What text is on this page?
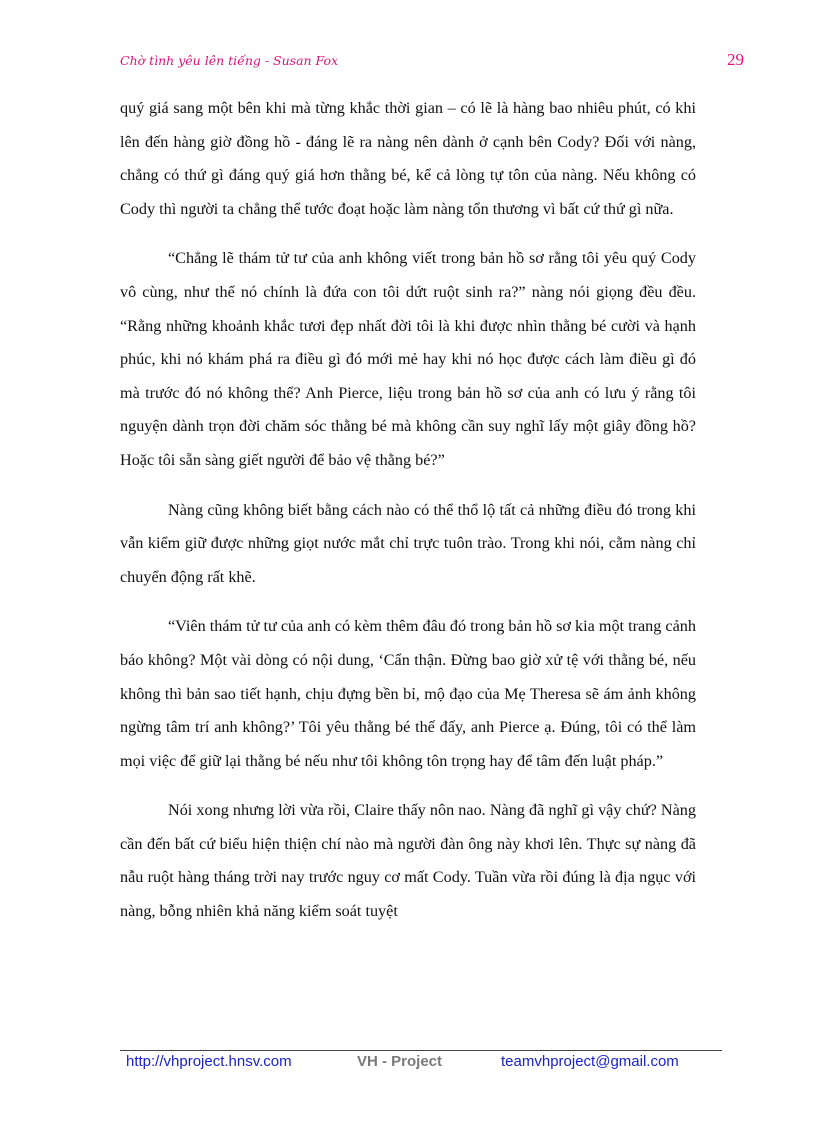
Chờ tình yêu lên tiếng - Susan Fox	29

quý giá sang một bên khi mà từng khắc thời gian – có lẽ là hàng bao nhiêu phút, có khi lên đến hàng giờ đồng hồ - đáng lẽ ra nàng nên dành ở cạnh bên Cody? Đối với nàng, chẳng có thứ gì đáng quý giá hơn thằng bé, kể cả lòng tự tôn của nàng. Nếu không có Cody thì người ta chẳng thể tước đoạt hoặc làm nàng tổn thương vì bất cứ thứ gì nữa.

“Chẳng lẽ thám tử tư của anh không viết trong bản hồ sơ rằng tôi yêu quý Cody vô cùng, như thể nó chính là đứa con tôi dứt ruột sinh ra?” nàng nói giọng đều đều. “Rằng những khoảnh khắc tươi đẹp nhất đời tôi là khi được nhìn thằng bé cười và hạnh phúc, khi nó khám phá ra điều gì đó mới mẻ hay khi nó học được cách làm điều gì đó mà trước đó nó không thể? Anh Pierce, liệu trong bản hồ sơ của anh có lưu ý rằng tôi nguyện dành trọn đời chăm sóc thằng bé mà không cần suy nghĩ lấy một giây đồng hồ? Hoặc tôi sẵn sàng giết người để bảo vệ thằng bé?”

Nàng cũng không biết bằng cách nào có thể thổ lộ tất cả những điều đó trong khi vẫn kiểm giữ được những giọt nước mắt chỉ trực tuôn trào. Trong khi nói, cằm nàng chỉ chuyển động rất khẽ.

“Viên thám tử tư của anh có kèm thêm đâu đó trong bản hồ sơ kia một trang cảnh báo không? Một vài dòng có nội dung, ‘Cẩn thận. Đừng bao giờ xử tệ với thằng bé, nếu không thì bản sao tiết hạnh, chịu đựng bền bỉ, mộ đạo của Mẹ Theresa sẽ ám ảnh không ngừng tâm trí anh không?’ Tôi yêu thằng bé thế đấy, anh Pierce ạ. Đúng, tôi có thể làm mọi việc để giữ lại thằng bé nếu như tôi không tôn trọng hay để tâm đến luật pháp.”

Nói xong nhưng lời vừa rồi, Claire thấy nôn nao. Nàng đã nghĩ gì vậy chứ? Nàng cần đến bất cứ biểu hiện thiện chí nào mà người đàn ông này khơi lên. Thực sự nàng đã nẫu ruột hàng tháng trời nay trước nguy cơ mất Cody. Tuần vừa rồi đúng là địa ngục với nàng, bỗng nhiên khả năng kiểm soát tuyệt

http://vhproject.hnsv.com	VH - Project	teamvhproject@gmail.com
